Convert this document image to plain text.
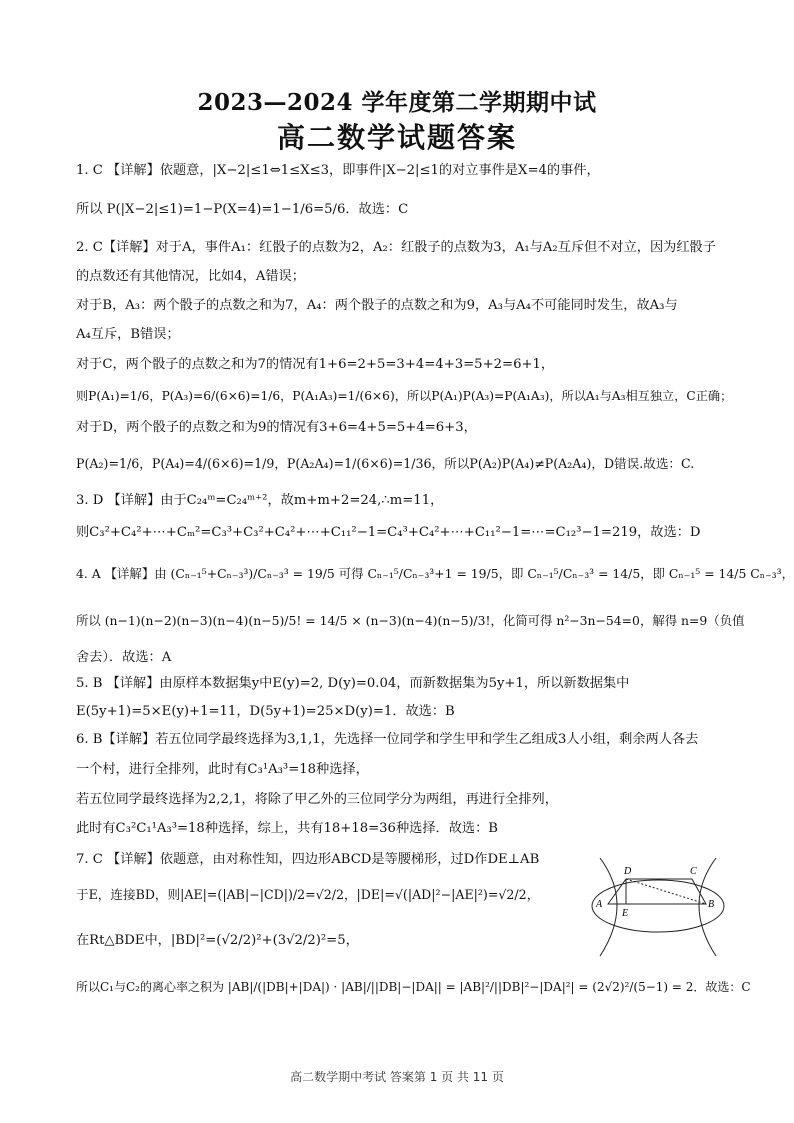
2023—2024 学年度第二学期期中试
高二数学试题答案
1. C 【详解】依题意，|X−2|≤1⇔1≤X≤3，即事件|X−2|≤1的对立事件是X=4的事件，
所以 P(|X−2|≤1)=1−P(X=4)=1−1/6=5/6．故选：C
2. C【详解】对于A，事件A₁：红骰子的点数为2，A₂：红骰子的点数为3，A₁与A₂互斥但不对立，因为红骰子
的点数还有其他情况，比如4，A错误；
对于B，A₃：两个骰子的点数之和为7，A₄：两个骰子的点数之和为9，A₃与A₄不可能同时发生，故A₃与
A₄互斥，B错误；
对于C，两个骰子的点数之和为7的情况有1+6=2+5=3+4=4+3=5+2=6+1，
则P(A₁)=1/6，P(A₃)=6/(6×6)=1/6，P(A₁A₃)=1/(6×6)，所以P(A₁)P(A₃)=P(A₁A₃)，所以A₁与A₃相互独立，C正确；
对于D，两个骰子的点数之和为9的情况有3+6=4+5=5+4=6+3，
P(A₂)=1/6，P(A₄)=4/(6×6)=1/9，P(A₂A₄)=1/(6×6)=1/36，所以P(A₂)P(A₄)≠P(A₂A₄)，D错误.故选：C.
3. D 【详解】由于C₂₄ᵐ=C₂₄ᵐ⁺²，故m+m+2=24,∴m=11，
则C₃²+C₄²+⋯+Cₘ²=C₃³+C₃²+C₄²+⋯+C₁₁²−1=C₄³+C₄²+⋯+C₁₁²−1=⋯=C₁₂³−1=219，故选：D
4. A 【详解】由 (Cₙ₋₁⁵+Cₙ₋₃³)/Cₙ₋₃³ = 19/5 可得 Cₙ₋₁⁵/Cₙ₋₃³+1 = 19/5，即 Cₙ₋₁⁵/Cₙ₋₃³ = 14/5，即 Cₙ₋₁⁵ = 14/5 Cₙ₋₃³，
所以 (n−1)(n−2)(n−3)(n−4)(n−5)/5! = 14/5 × (n−3)(n−4)(n−5)/3!，化简可得 n²−3n−54=0，解得 n=9（负值
舍去）．故选：A
5. B 【详解】由原样本数据集y中E(y)=2, D(y)=0.04，而新数据集为5y+1，所以新数据集中
E(5y+1)=5×E(y)+1=11，D(5y+1)=25×D(y)=1．故选：B
6. B【详解】若五位同学最终选择为3,1,1，先选择一位同学和学生甲和学生乙组成3人小组，剩余两人各去
一个村，进行全排列，此时有C₃¹A₃³=18种选择，
若五位同学最终选择为2,2,1，将除了甲乙外的三位同学分为两组，再进行全排列，
此时有C₃²C₁¹A₃³=18种选择，综上，共有18+18=36种选择．故选：B
7. C 【详解】依题意，由对称性知，四边形ABCD是等腰梯形，过D作DE⊥AB
于E，连接BD，则|AE|=(|AB|−|CD|)/2=√2/2，|DE|=√(|AD|²−|AE|²)=√2/2，
在Rt△BDE中，|BD|²=(√2/2)²+(3√2/2)²=5，
所以C₁与C₂的离心率之积为 |AB|/(|DB|+|DA|) · |AB|/||DB|−|DA|| = |AB|²/||DB|²−|DA|²| = (2√2)²/(5−1) = 2．故选：C
A	B
C
D
E
高二数学期中考试 答案第 1 页 共 11 页
